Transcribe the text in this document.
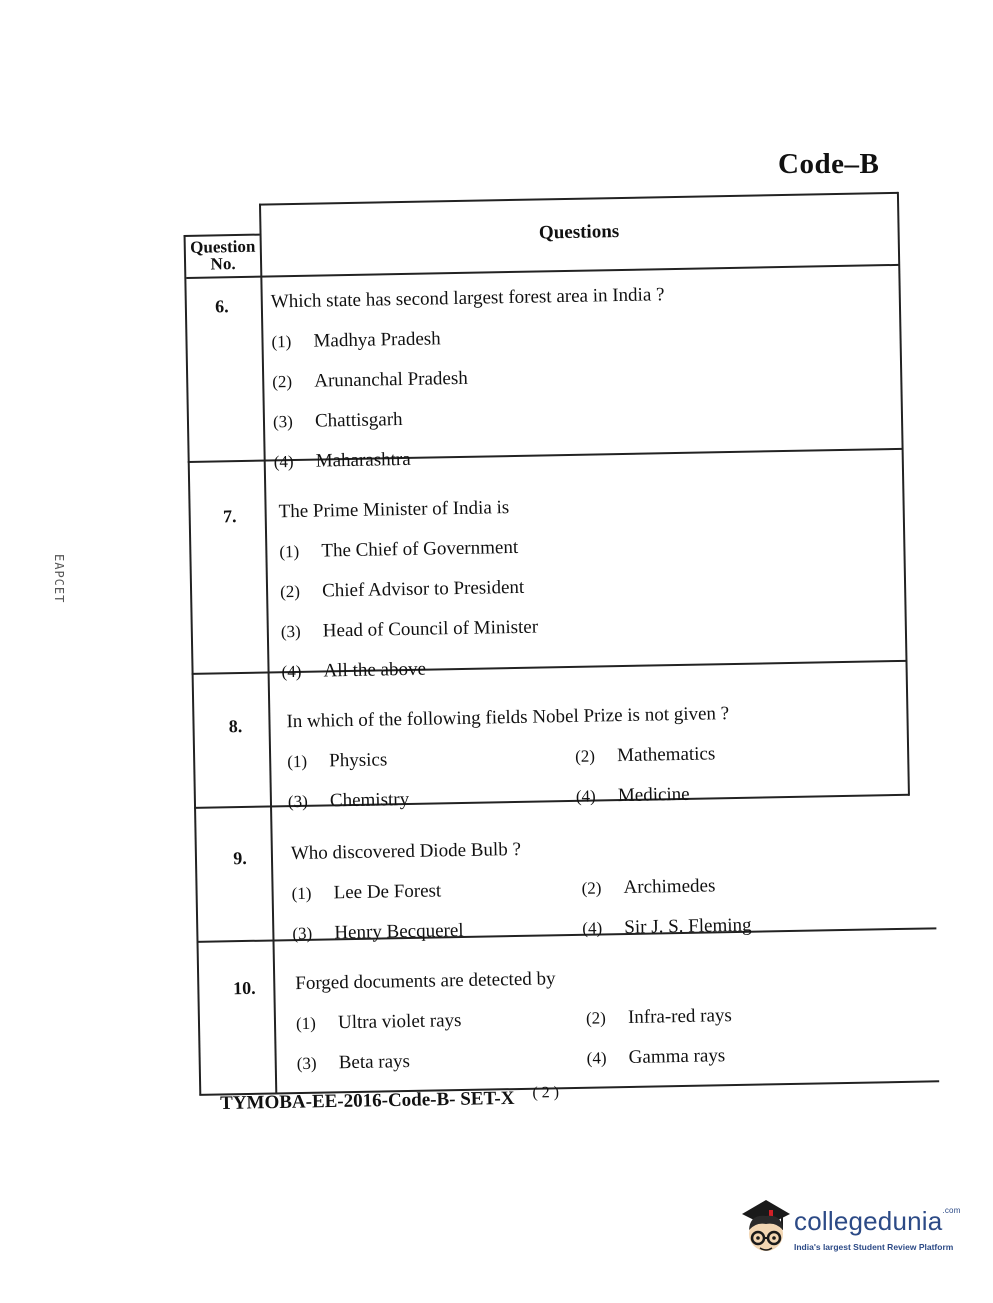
Code–B
EAPCET
Question No.
Questions
6.	Which state has second largest forest area in India ?
(1) Madhya Pradesh
(2) Arunanchal Pradesh
(3) Chattisgarh
(4) Maharashtra
7.	The Prime Minister of India is
(1) The Chief of Government
(2) Chief Advisor to President
(3) Head of Council of Minister
(4) All the above
8.	In which of the following fields Nobel Prize is not given ?
(1) Physics	(2) Mathematics
(3) Chemistry	(4) Medicine
9.	Who discovered Diode Bulb ?
(1) Lee De Forest	(2) Archimedes
(3) Henry Becquerel	(4) Sir J. S. Fleming
10.	Forged documents are detected by
(1) Ultra violet rays	(2) Infra-red rays
(3) Beta rays	(4) Gamma rays
TYMOBA-EE-2016-Code-B- SET-X $^{( 2 )}$
collegedunia$^{.com}$
India's largest Student Review Platform
